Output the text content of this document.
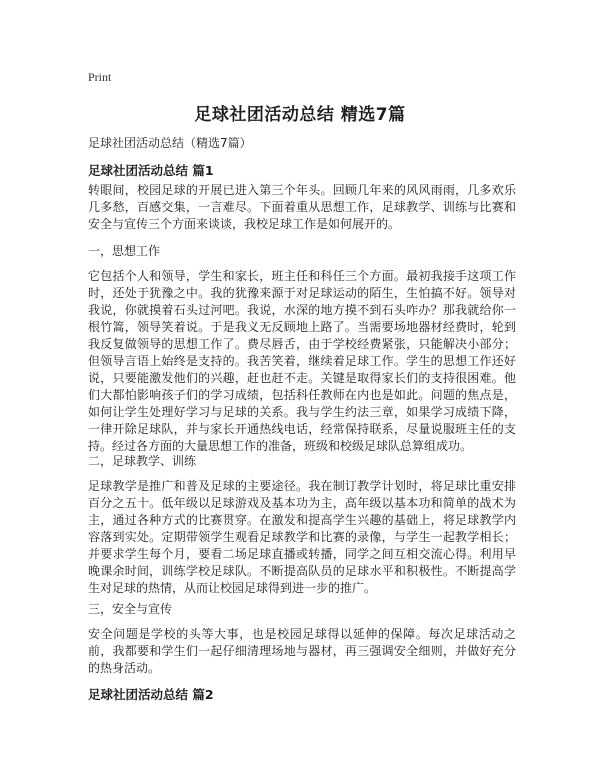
Print
足球社团活动总结 精选7篇
足球社团活动总结（精选7篇）
足球社团活动总结 篇1
转眼间，校园足球的开展已进入第三个年头。回顾几年来的风风雨雨，几多欢乐几多愁，百感交集，一言难尽。下面着重从思想工作，足球教学、训练与比赛和安全与宣传三个方面来谈谈，我校足球工作是如何展开的。
一，思想工作
它包括个人和领导，学生和家长，班主任和科任三个方面。最初我接手这项工作时，还处于犹豫之中。我的犹豫来源于对足球运动的陌生，生怕搞不好。领导对我说，你就摸着石头过河吧。我说，水深的地方摸不到石头咋办？那我就给你一根竹篙，领导笑着说。于是我义无反顾地上路了。当需要场地器材经费时，轮到我反复做领导的思想工作了。费尽唇舌，由于学校经费紧张，只能解决小部分；但领导言语上始终是支持的。我苦笑着，继续着足球工作。学生的思想工作还好说，只要能激发他们的兴趣，赶也赶不走。关键是取得家长们的支持很困难。他们大都怕影响孩子们的学习成绩，包括科任教师在内也是如此。问题的焦点是，如何让学生处理好学习与足球的关系。我与学生约法三章，如果学习成绩下降，一律开除足球队，并与家长开通热线电话，经常保持联系，尽量说服班主任的支持。经过各方面的大量思想工作的准备，班级和校级足球队总算组成功。
二，足球教学、训练
足球教学是推广和普及足球的主要途径。我在制订教学计划时，将足球比重安排百分之五十。低年级以足球游戏及基本功为主，高年级以基本功和简单的战术为主，通过各种方式的比赛贯穿。在激发和提高学生兴趣的基础上，将足球教学内容落到实处。定期带领学生观看足球教学和比赛的录像，与学生一起教学相长；并要求学生每个月，要看二场足球直播或转播，同学之间互相交流心得。利用早晚课余时间，训练学校足球队。不断提高队员的足球水平和积极性。不断提高学生对足球的热情，从而让校园足球得到进一步的推广。
三，安全与宣传
安全问题是学校的头等大事，也是校园足球得以延伸的保障。每次足球活动之前，我都要和学生们一起仔细清理场地与器材，再三强调安全细则，并做好充分的热身活动。
足球社团活动总结 篇2
